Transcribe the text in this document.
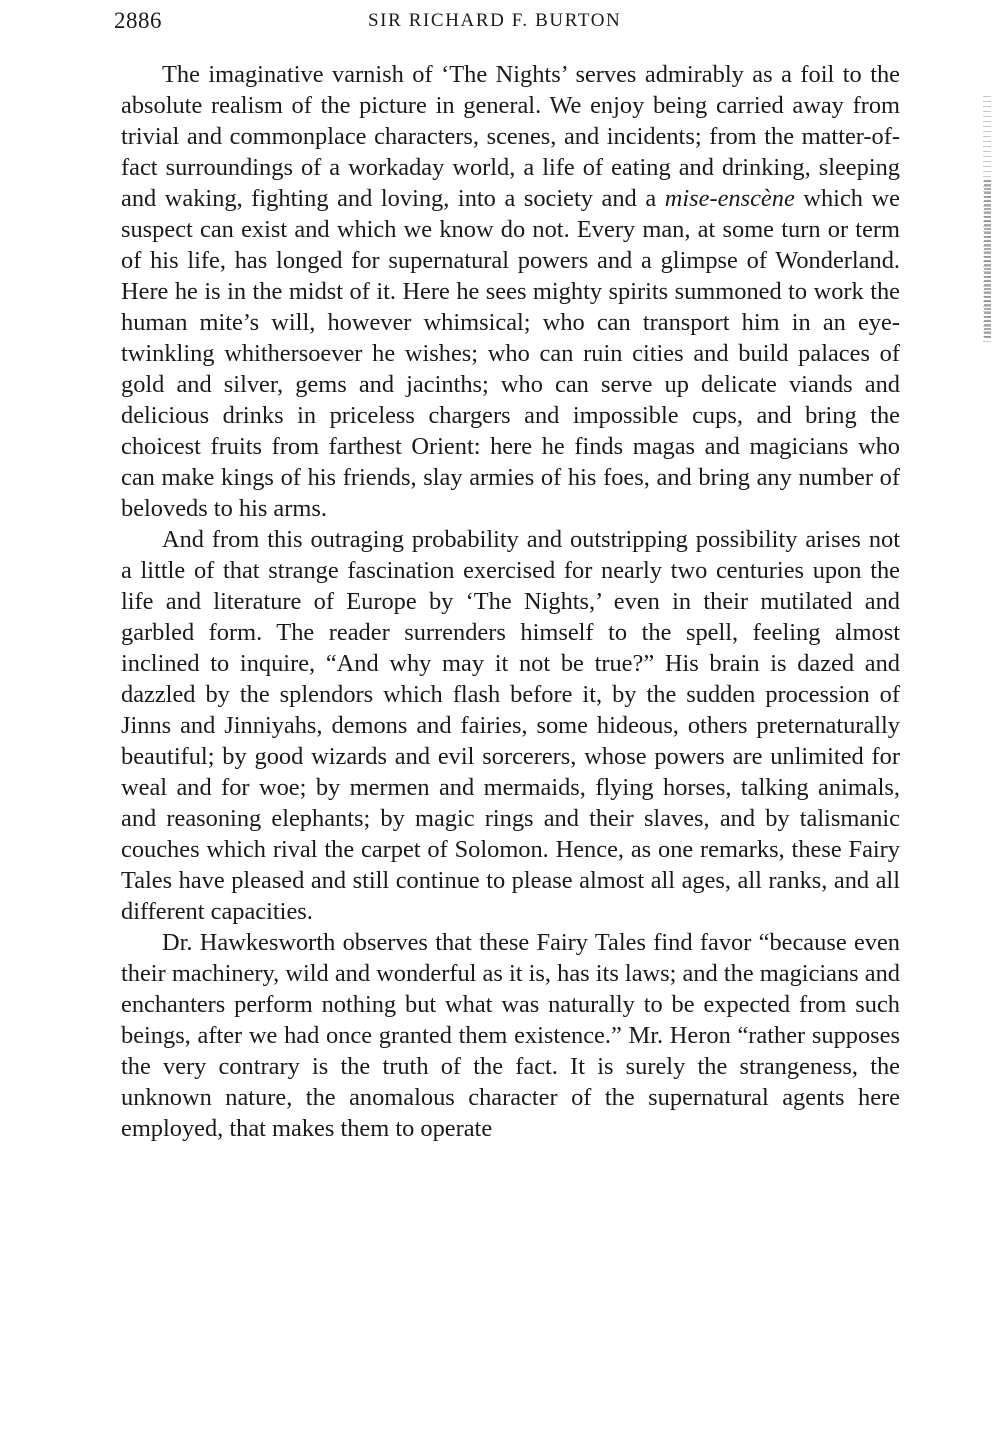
2886	SIR RICHARD F. BURTON

The imaginative varnish of ‘The Nights’ serves admirably as a foil to the absolute realism of the picture in general. We enjoy being carried away from trivial and commonplace characters, scenes, and incidents; from the matter-of-fact surroundings of a workaday world, a life of eating and drinking, sleeping and waking, fighting and loving, into a society and a mise-enscène which we suspect can exist and which we know do not. Every man, at some turn or term of his life, has longed for supernatural powers and a glimpse of Wonderland. Here he is in the midst of it. Here he sees mighty spirits summoned to work the human mite’s will, however whimsical; who can transport him in an eye-twinkling whithersoever he wishes; who can ruin cities and build palaces of gold and silver, gems and jacinths; who can serve up delicate viands and delicious drinks in priceless chargers and impossible cups, and bring the choicest fruits from farthest Orient: here he finds magas and magicians who can make kings of his friends, slay armies of his foes, and bring any number of beloveds to his arms.

And from this outraging probability and outstripping possibility arises not a little of that strange fascination exercised for nearly two centuries upon the life and literature of Europe by ‘The Nights,’ even in their mutilated and garbled form. The reader surrenders himself to the spell, feeling almost inclined to inquire, “And why may it not be true?” His brain is dazed and dazzled by the splendors which flash before it, by the sudden procession of Jinns and Jinniyahs, demons and fairies, some hideous, others preternaturally beautiful; by good wizards and evil sorcerers, whose powers are unlimited for weal and for woe; by mermen and mermaids, flying horses, talking animals, and reasoning elephants; by magic rings and their slaves, and by talismanic couches which rival the carpet of Solomon. Hence, as one remarks, these Fairy Tales have pleased and still continue to please almost all ages, all ranks, and all different capacities.

Dr. Hawkesworth observes that these Fairy Tales find favor “because even their machinery, wild and wonderful as it is, has its laws; and the magicians and enchanters perform nothing but what was naturally to be expected from such beings, after we had once granted them existence.” Mr. Heron “rather supposes the very contrary is the truth of the fact. It is surely the strangeness, the unknown nature, the anomalous character of the supernatural agents here employed, that makes them to operate
